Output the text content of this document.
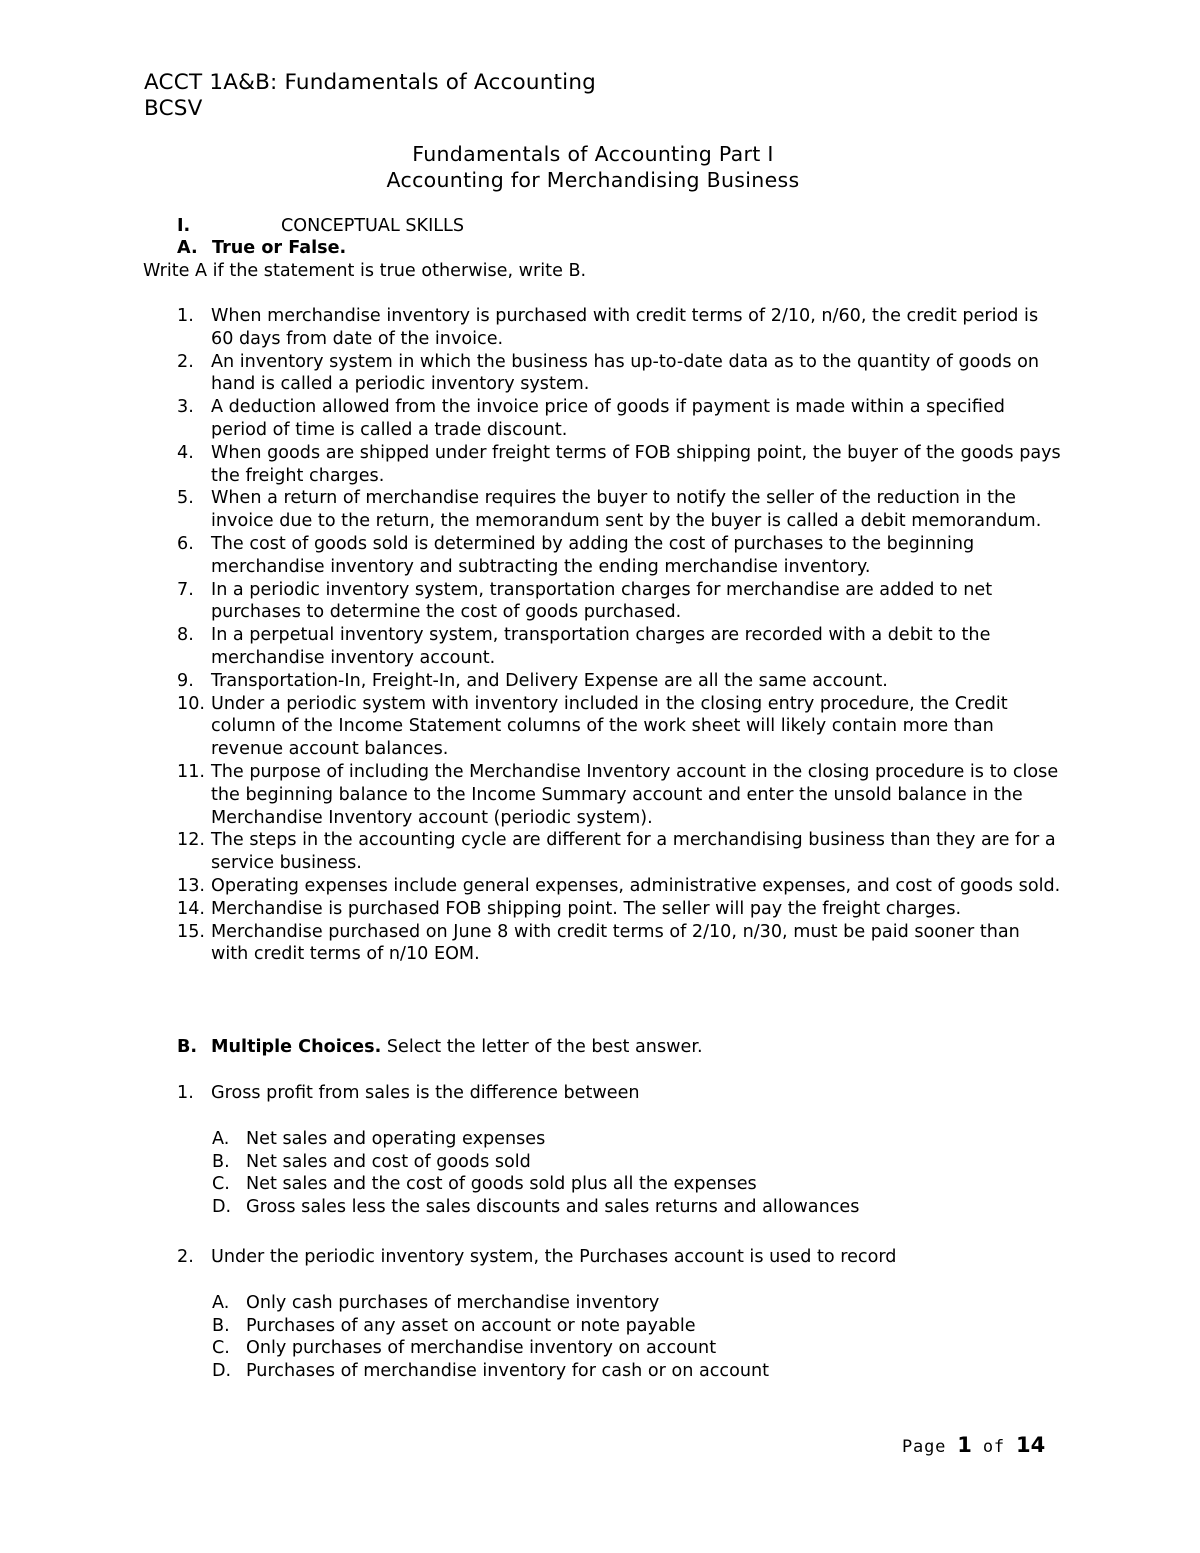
ACCT 1A&B: Fundamentals of Accounting
BCSV
Fundamentals of Accounting Part I
Accounting for Merchandising Business
I.	CONCEPTUAL SKILLS
A. True or False.
Write A if the statement is true otherwise, write B.
1. When merchandise inventory is purchased with credit terms of 2/10, n/60, the credit period is 60 days from date of the invoice.
2. An inventory system in which the business has up-to-date data as to the quantity of goods on hand is called a periodic inventory system.
3. A deduction allowed from the invoice price of goods if payment is made within a specified period of time is called a trade discount.
4. When goods are shipped under freight terms of FOB shipping point, the buyer of the goods pays the freight charges.
5. When a return of merchandise requires the buyer to notify the seller of the reduction in the invoice due to the return, the memorandum sent by the buyer is called a debit memorandum.
6. The cost of goods sold is determined by adding the cost of purchases to the beginning merchandise inventory and subtracting the ending merchandise inventory.
7. In a periodic inventory system, transportation charges for merchandise are added to net purchases to determine the cost of goods purchased.
8. In a perpetual inventory system, transportation charges are recorded with a debit to the merchandise inventory account.
9. Transportation-In, Freight-In, and Delivery Expense are all the same account.
10. Under a periodic system with inventory included in the closing entry procedure, the Credit column of the Income Statement columns of the work sheet will likely contain more than revenue account balances.
11. The purpose of including the Merchandise Inventory account in the closing procedure is to close the beginning balance to the Income Summary account and enter the unsold balance in the Merchandise Inventory account (periodic system).
12. The steps in the accounting cycle are different for a merchandising business than they are for a service business.
13. Operating expenses include general expenses, administrative expenses, and cost of goods sold.
14. Merchandise is purchased FOB shipping point. The seller will pay the freight charges.
15. Merchandise purchased on June 8 with credit terms of 2/10, n/30, must be paid sooner than with credit terms of n/10 EOM.
B. Multiple Choices. Select the letter of the best answer.
1. Gross profit from sales is the difference between
A. Net sales and operating expenses
B. Net sales and cost of goods sold
C. Net sales and the cost of goods sold plus all the expenses
D. Gross sales less the sales discounts and sales returns and allowances
2. Under the periodic inventory system, the Purchases account is used to record
A. Only cash purchases of merchandise inventory
B. Purchases of any asset on account or note payable
C. Only purchases of merchandise inventory on account
D. Purchases of merchandise inventory for cash or on account
Page 1 of 14
